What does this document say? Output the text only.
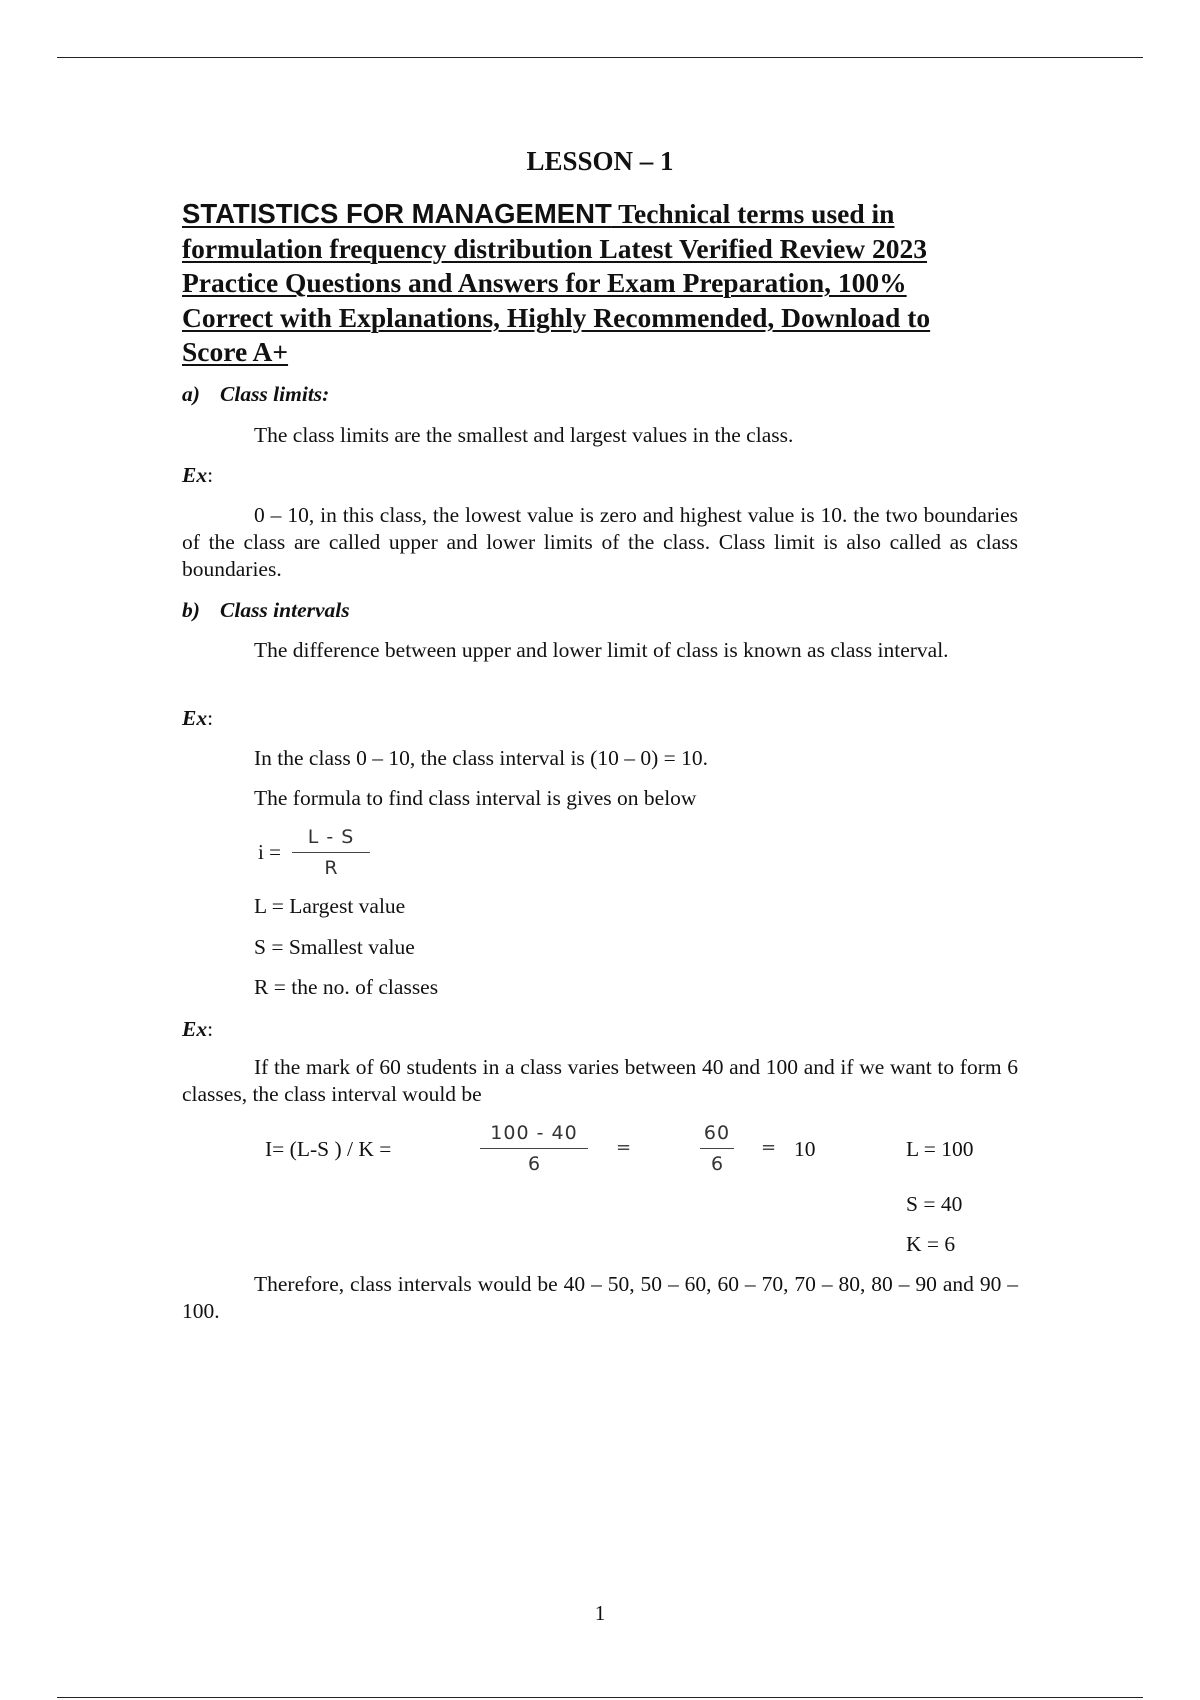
LESSON – 1
STATISTICS FOR MANAGEMENT Technical terms used in
formulation frequency distribution Latest Verified Review 2023
Practice Questions and Answers for Exam Preparation, 100%
Correct with Explanations, Highly Recommended, Download to
Score A+
a) Class limits:
The class limits are the smallest and largest values in the class.
Ex:
0 – 10, in this class, the lowest value is zero and highest value is 10. the two boundaries of the class are called upper and lower limits of the class. Class limit is also called as class boundaries.
b) Class intervals
The difference between upper and lower limit of class is known as class interval.
Ex:
In the class 0 – 10, the class interval is (10 – 0) = 10.
The formula to find class interval is gives on below
$i = \frac{L - S}{R}$
L = Largest value
S = Smallest value
R = the no. of classes
Ex:
If the mark of 60 students in a class varies between 40 and 100 and if we want to form 6 classes, the class interval would be
I= (L-S ) / K =	$\frac{100 - 40}{6}$ =	$\frac{60}{6} = 10$	L = 100
S = 40
K = 6
Therefore, class intervals would be 40 – 50, 50 – 60, 60 – 70, 70 – 80, 80 – 90 and 90 – 100.
1
